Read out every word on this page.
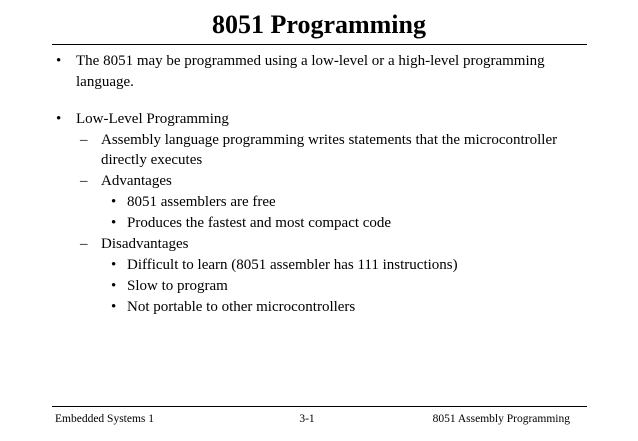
8051 Programming
• The 8051 may be programmed using a low-level or a high-level programming
language.
• Low-Level Programming
– Assembly language programming writes statements that the microcontroller
directly executes
– Advantages
• 8051 assemblers are free
• Produces the fastest and most compact code
– Disadvantages
• Difficult to learn (8051 assembler has 111 instructions)
• Slow to program
• Not portable to other microcontrollers
Embedded Systems 1	3-1	8051 Assembly Programming
